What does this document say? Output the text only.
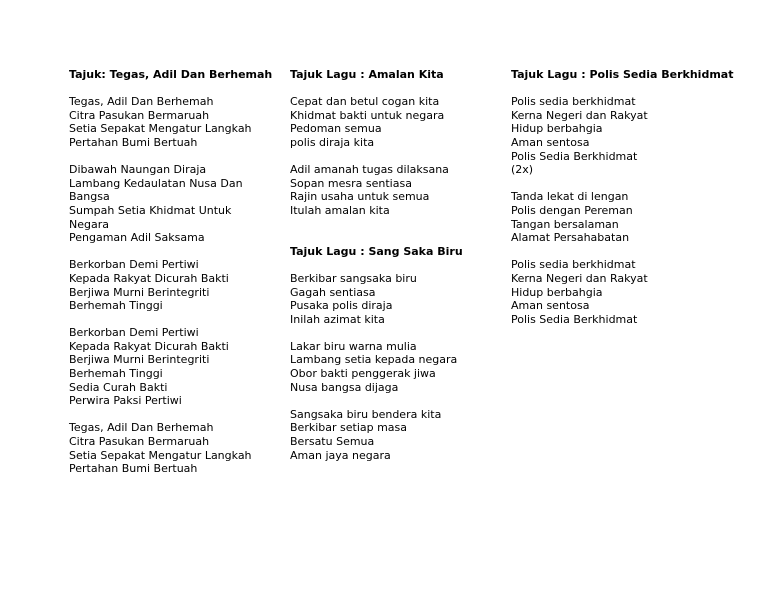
Tajuk: Tegas, Adil Dan Berhemah
Tegas, Adil Dan Berhemah
Citra Pasukan Bermaruah
Setia Sepakat Mengatur Langkah
Pertahan Bumi Bertuah
Dibawah Naungan Diraja
Lambang Kedaulatan Nusa Dan
Bangsa
Sumpah Setia Khidmat Untuk
Negara
Pengaman Adil Saksama
Berkorban Demi Pertiwi
Kepada Rakyat Dicurah Bakti
Berjiwa Murni Berintegriti
Berhemah Tinggi
Berkorban Demi Pertiwi
Kepada Rakyat Dicurah Bakti
Berjiwa Murni Berintegriti
Berhemah Tinggi
Sedia Curah Bakti
Perwira Paksi Pertiwi
Tegas, Adil Dan Berhemah
Citra Pasukan Bermaruah
Setia Sepakat Mengatur Langkah
Pertahan Bumi Bertuah
Tajuk Lagu : Amalan Kita
Cepat dan betul cogan kita
Khidmat bakti untuk negara
Pedoman semua
polis diraja kita
Adil amanah tugas dilaksana
Sopan mesra sentiasa
Rajin usaha untuk semua
Itulah amalan kita
Tajuk Lagu : Sang Saka Biru
Berkibar sangsaka biru
Gagah sentiasa
Pusaka polis diraja
Inilah azimat kita
Lakar biru warna mulia
Lambang setia kepada negara
Obor bakti penggerak jiwa
Nusa bangsa dijaga
Sangsaka biru bendera kita
Berkibar setiap masa
Bersatu Semua
Aman jaya negara
Tajuk Lagu : Polis Sedia Berkhidmat
Polis sedia berkhidmat
Kerna Negeri dan Rakyat
Hidup berbahgia
Aman sentosa
Polis Sedia Berkhidmat
(2x)
Tanda lekat di lengan
Polis dengan Pereman
Tangan bersalaman
Alamat Persahabatan
Polis sedia berkhidmat
Kerna Negeri dan Rakyat
Hidup berbahgia
Aman sentosa
Polis Sedia Berkhidmat
